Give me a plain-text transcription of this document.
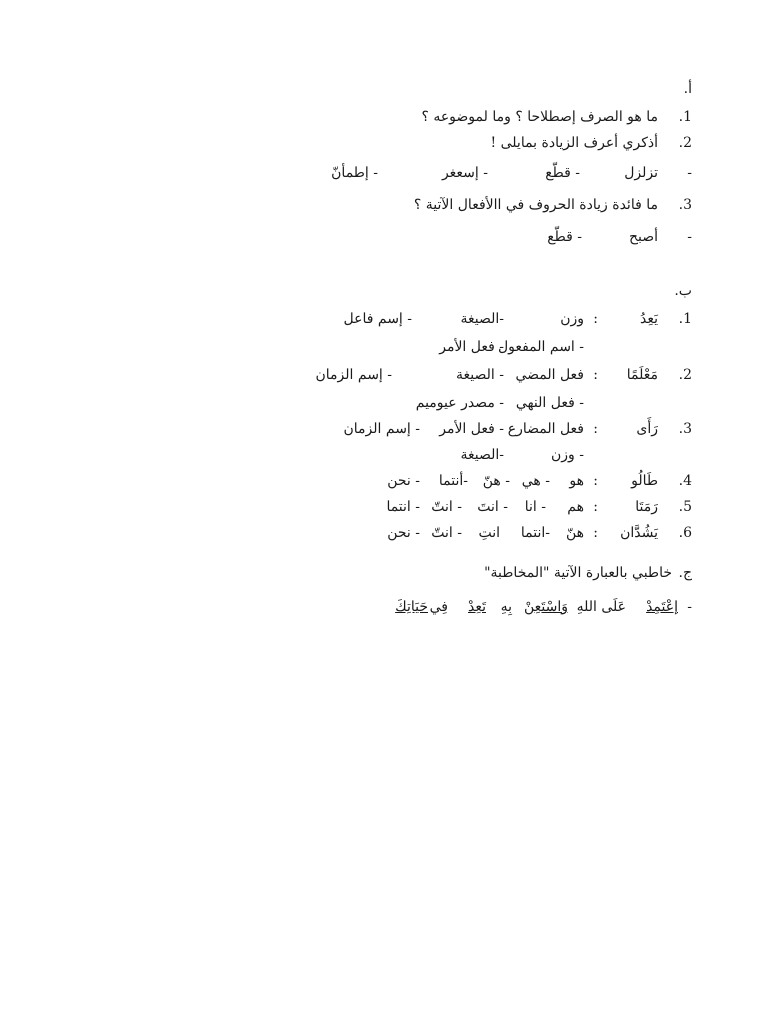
أ.
1.
ما هو الصرف إصطلاحا ؟ وما لموضوعه ؟
2.
أذكري أعرف الزيادة بمايلى !
-
تزلزل
- قطّع
- إسعغر
- إطمأنّ
3.
ما فائدة زيادة الحروف في االأفعال الآتية ؟
-
أصبح
- قطّع
ب.
1.
يَعِدُ
:
وزن
-الصيغة
- إسم فاعل
- اسم المفعول
- فعل الأمر
2.
مَعْلَمًا
:
فعل المضي
- الصيغة
- إسم الزمان
- فعل النهي
- مصدر عيوميم
3.
رَأَى
:
فعل المضارع
- فعل الأمر
- إسم الزمان
- وزن
-الصيغة
4.
طَالُو
:
هو
- هي
- هنّ
-أنتما
- نحن
5.
رَمَتَا
:
هم
- انا
- انتَ
- انتّ
- انتما
6.
يَشُدَّان
:
هنّ
-انتما
انتِ
- انتّ
- نحن
ج.
خاطبي بالعبارة الآتية "المخاطبة"
-
إعْتَمِدْ
عَلَى اللهِ
وَاسْتَعِنْ
بِهِ
تَعِدْ
فِي
حَيَاتِكَ
